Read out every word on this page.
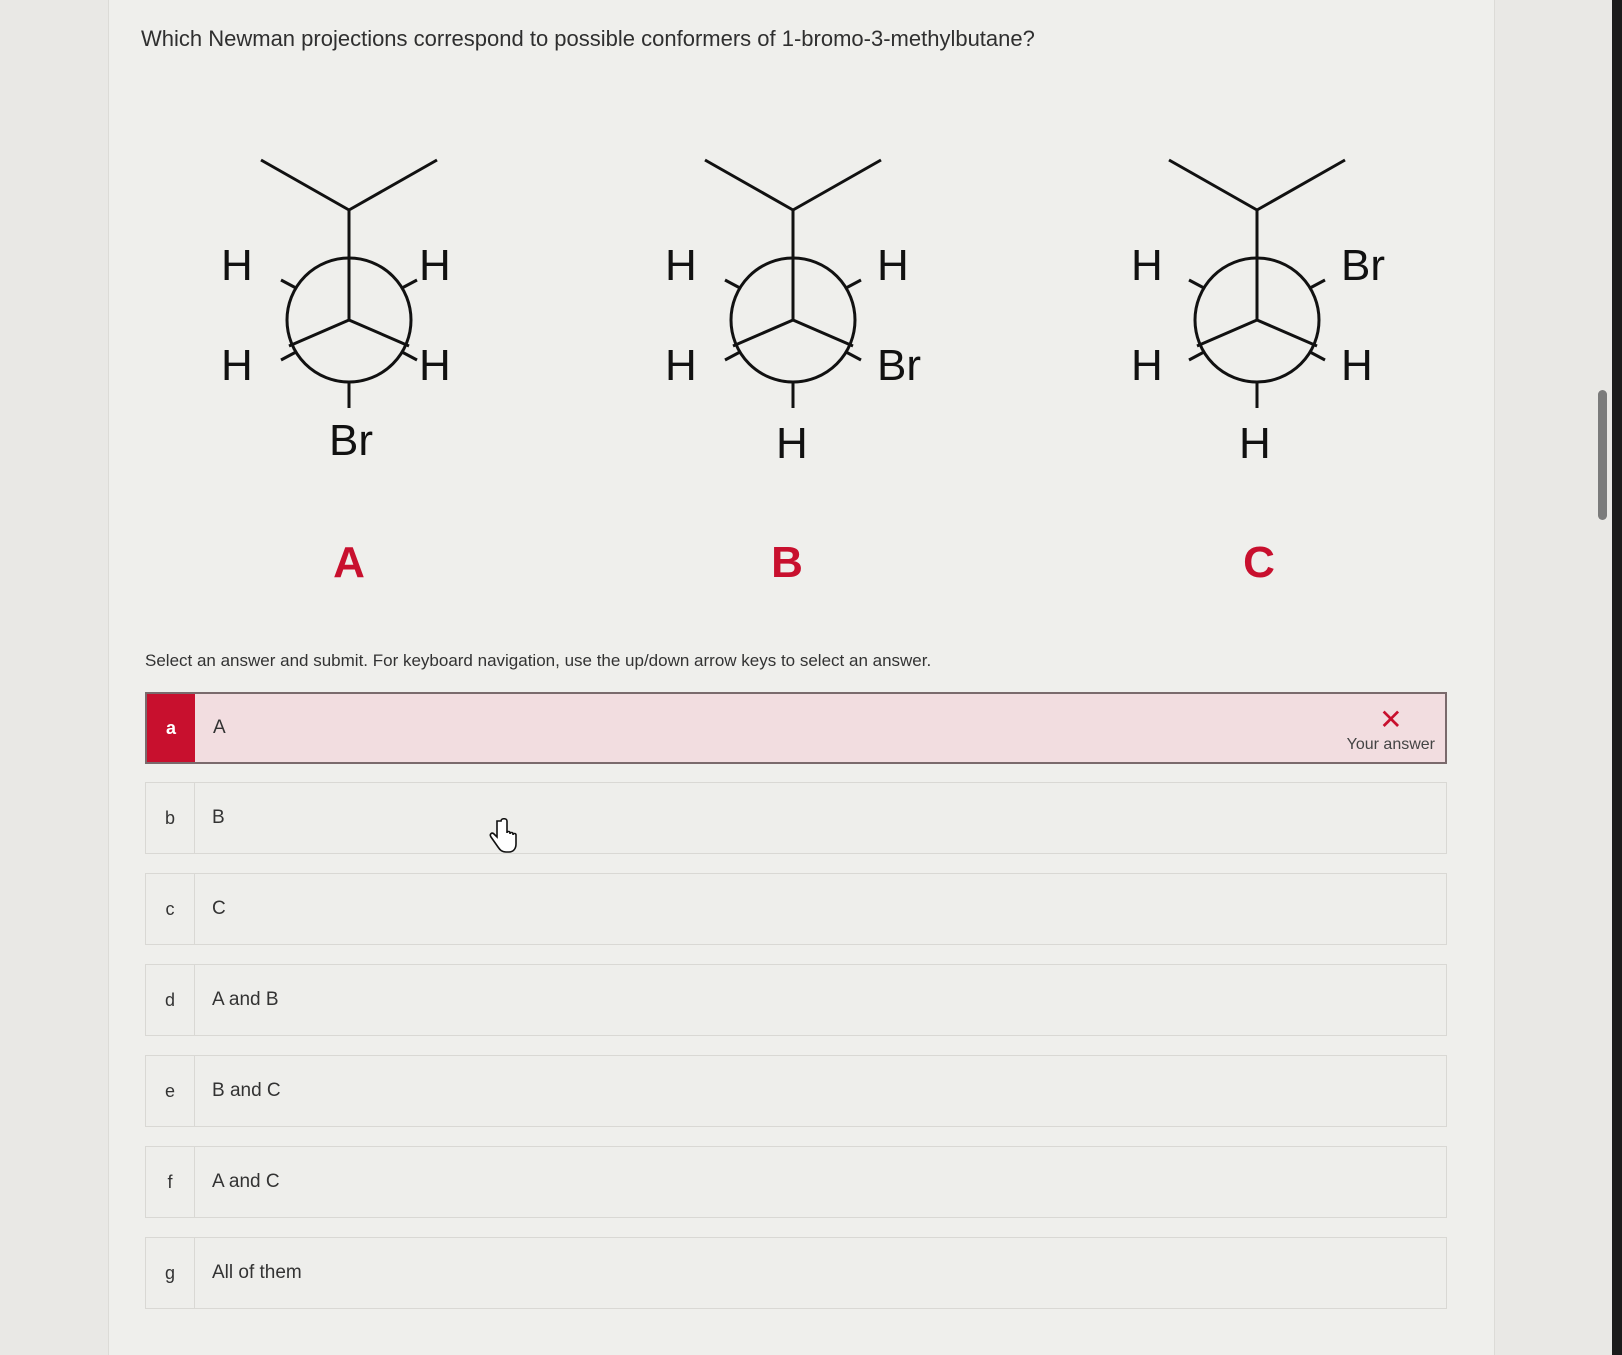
Which Newman projections correspond to possible conformers of 1-bromo-3-methylbutane?
H	H
H	H
Br
A
H	H
H	Br
H
B
H	Br
H	H
H
C
Select an answer and submit. For keyboard navigation, use the up/down arrow keys to select an answer.
a	A	✕
Your answer
b	B
c	C
d	A and B
e	B and C
f	A and C
g	All of them
